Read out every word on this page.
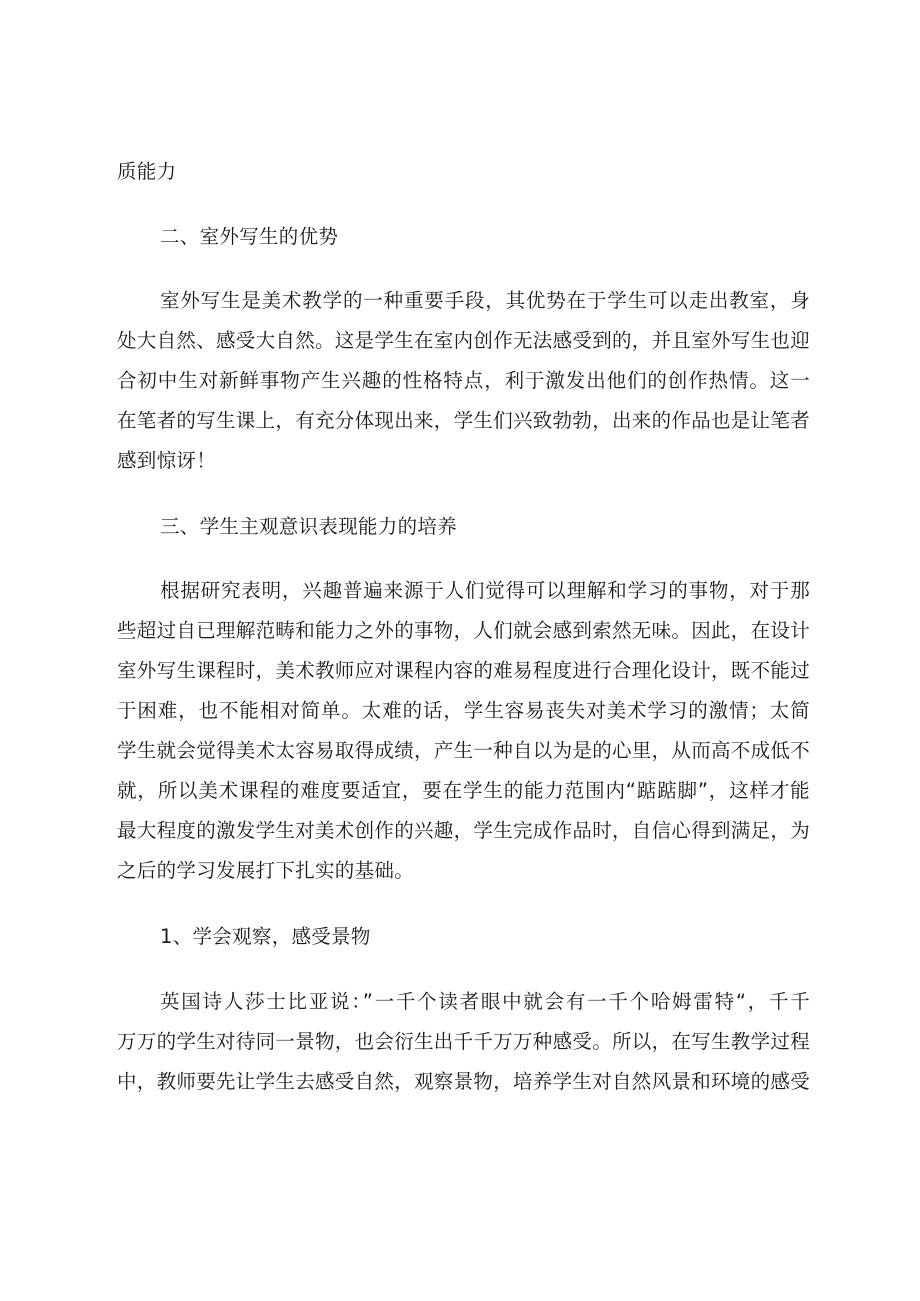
质能力
二、室外写生的优势
室外写生是美术教学的一种重要手段，其优势在于学生可以走出教室，身
处大自然、感受大自然。这是学生在室内创作无法感受到的，并且室外写生也迎
合初中生对新鲜事物产生兴趣的性格特点，利于激发出他们的创作热情。这一
在笔者的写生课上，有充分体现出来，学生们兴致勃勃，出来的作品也是让笔者
感到惊讶！
三、学生主观意识表现能力的培养
根据研究表明，兴趣普遍来源于人们觉得可以理解和学习的事物，对于那
些超过自已理解范畴和能力之外的事物，人们就会感到索然无味。因此，在设计
室外写生课程时，美术教师应对课程内容的难易程度进行合理化设计，既不能过
于困难，也不能相对简单。太难的话，学生容易丧失对美术学习的激情；太简
学生就会觉得美术太容易取得成绩，产生一种自以为是的心里，从而高不成低不
就，所以美术课程的难度要适宜，要在学生的能力范围内“踮踮脚”，这样才能
最大程度的激发学生对美术创作的兴趣，学生完成作品时，自信心得到满足，为
之后的学习发展打下扎实的基础。
1、学会观察，感受景物
英国诗人莎士比亚说：”一千个读者眼中就会有一千个哈姆雷特“，千千
万万的学生对待同一景物，也会衍生出千千万万种感受。所以，在写生教学过程
中，教师要先让学生去感受自然，观察景物，培养学生对自然风景和环境的感受
